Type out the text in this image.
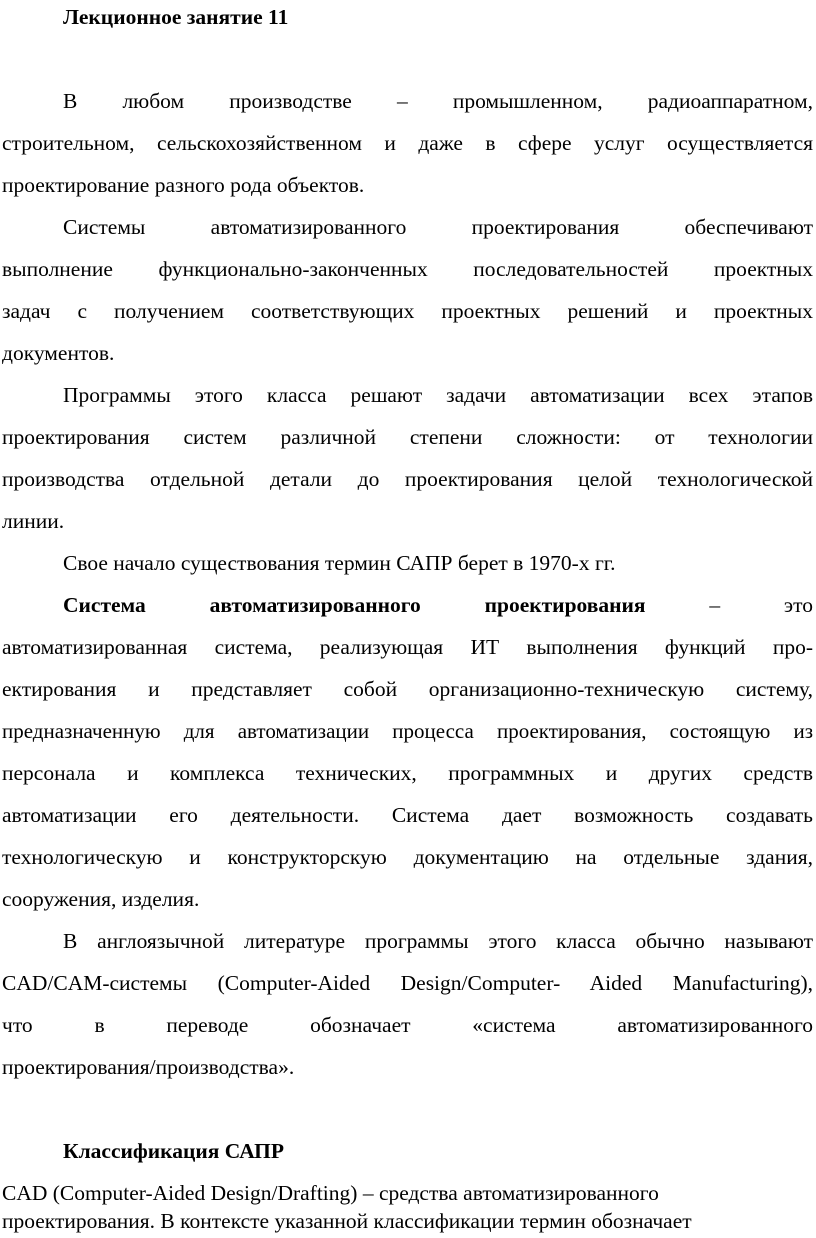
Лекционное занятие 11
В любом производстве – промышленном, радиоаппаратном,
строительном, сельскохозяйственном и даже в сфере услуг осуществляется
проектирование разного рода объектов.
Системы автоматизированного проектирования обеспечивают
выполнение функционально-законченных последовательностей проектных
задач с получением соответствующих проектных решений и проектных
документов.
Программы этого класса решают задачи автоматизации всех этапов
проектирования систем различной степени сложности: от технологии
производства отдельной детали до проектирования целой технологической
линии.
Свое начало существования термин САПР берет в 1970-х гг.
Система автоматизированного проектирования	– это
автоматизированная система, реализующая ИТ выполнения функций про-
ектирования и представляет собой организационно-техническую систему,
предназначенную для автоматизации процесса проектирования, состоящую из
персонала и комплекса технических, программных и других средств
автоматизации его деятельности. Система дает возможность создавать
технологическую и конструкторскую документацию на отдельные здания,
сооружения, изделия.
В англоязычной литературе программы этого класса обычно называют
CAD/CAM-системы (Computer-Aided Design/Computer- Aided Manufacturing),
что в переводе обозначает «система автоматизированного
проектирования/производства».
Классификация САПР
CAD (Computer-Aided Design/Drafting) – средства автоматизированного
проектирования. В контексте указанной классификации термин обозначает
